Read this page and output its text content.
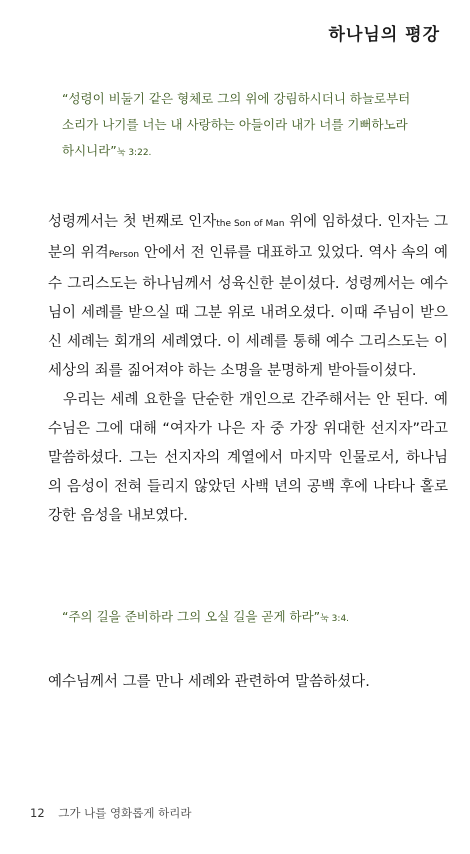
하나님의 평강
“성령이 비둘기 같은 형체로 그의 위에 강림하시더니 하늘로부터
소리가 나기를 너는 내 사랑하는 아들이라 내가 너를 기뻐하노라
하시니라”눅 3:22.

성령께서는 첫 번째로 인자the Son of Man 위에 임하셨다. 인자는 그분의 위격Person 안에서 전 인류를 대표하고 있었다. 역사 속의 예수 그리스도는 하나님께서 성육신한 분이셨다. 성령께서는 예수님이 세례를 받으실 때 그분 위로 내려오셨다. 이때 주님이 받으신 세례는 회개의 세례였다. 이 세례를 통해 예수 그리스도는 이 세상의 죄를 짊어져야 하는 소명을 분명하게 받아들이셨다.

우리는 세례 요한을 단순한 개인으로 간주해서는 안 된다. 예수님은 그에 대해 “여자가 나은 자 중 가장 위대한 선지자”라고 말씀하셨다. 그는 선지자의 계열에서 마지막 인물로서, 하나님의 음성이 전혀 들리지 않았던 사백 년의 공백 후에 나타나 홀로 강한 음성을 내보였다.

“주의 길을 준비하라 그의 오실 길을 곧게 하라”눅 3:4.

예수님께서 그를 만나 세례와 관련하여 말씀하셨다.

12 그가 나를 영화롭게 하리라
